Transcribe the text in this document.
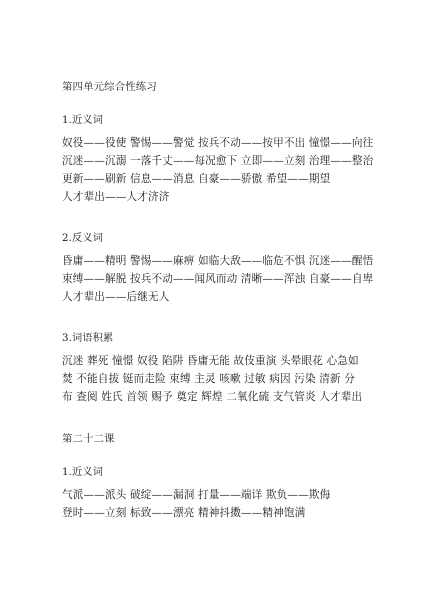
第四单元综合性练习
1.近义词
奴役——役使 警惕——警觉 按兵不动——按甲不出 憧憬——向往
沉迷——沉溺 一落千丈——每况愈下 立即——立刻 治理——整治
更新——刷新 信息——消息 自豪——骄傲 希望——期望
人才辈出——人才济济
2.反义词
昏庸——精明 警惕——麻痹 如临大敌——临危不惧 沉迷——醒悟
束缚——解脱 按兵不动——闻风而动 清晰——浑浊 自豪——自卑
人才辈出——后继无人
3.词语积累
沉迷 葬死 憧憬 奴役 陷阱 昏庸无能 故伎重演 头晕眼花 心急如
焚 不能自拔 铤而走险 束缚 主灵 咳嗽 过敏 病因 污染 清新 分
布 查阅 姓氏 首领 赐予 奠定 辉煌 二氧化硫 支气管炎 人才辈出
第二十二课
1.近义词
气派——派头 破绽——漏洞 打量——端详 欺负——欺侮
登时——立刻 标致——漂亮 精神抖擞——精神饱满
